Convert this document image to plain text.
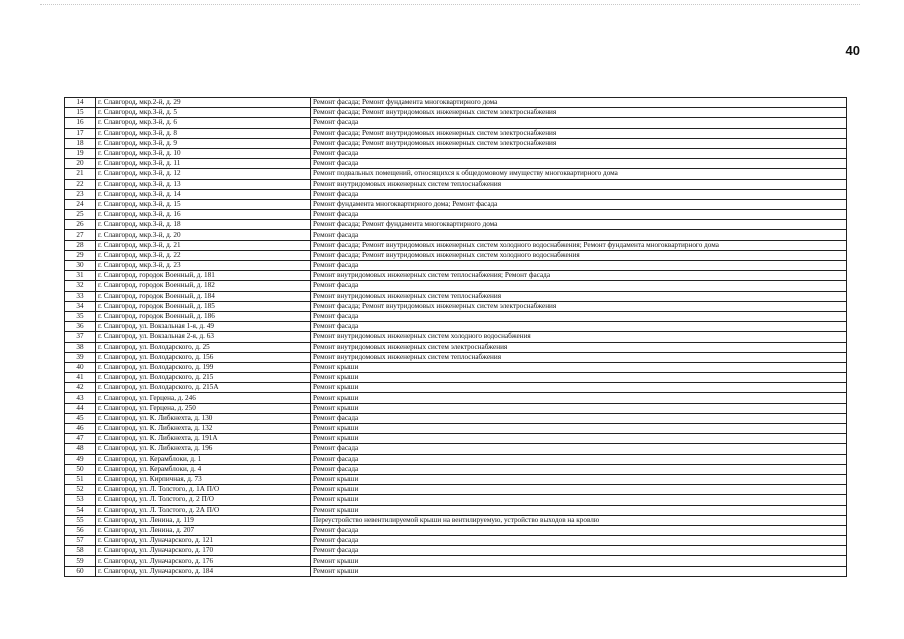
40
14	г. Славгород, мкр.2-й, д. 29	Ремонт фасада; Ремонт фундамента многоквартирного дома
15	г. Славгород, мкр.3-й, д. 5	Ремонт фасада; Ремонт внутридомовых инженерных систем электроснабжения
16	г. Славгород, мкр.3-й, д. 6	Ремонт фасада
17	г. Славгород, мкр.3-й, д. 8	Ремонт фасада; Ремонт внутридомовых инженерных систем электроснабжения
18	г. Славгород, мкр.3-й, д. 9	Ремонт фасада; Ремонт внутридомовых инженерных систем электроснабжения
19	г. Славгород, мкр.3-й, д. 10	Ремонт фасада
20	г. Славгород, мкр.3-й, д. 11	Ремонт фасада
21	г. Славгород, мкр.3-й, д. 12	Ремонт подвальных помещений, относящихся к общедомовому имуществу многоквартирного дома
22	г. Славгород, мкр.3-й, д. 13	Ремонт внутридомовых инженерных систем теплоснабжения
23	г. Славгород, мкр.3-й, д. 14	Ремонт фасада
24	г. Славгород, мкр.3-й, д. 15	Ремонт фундамента многоквартирного дома; Ремонт фасада
25	г. Славгород, мкр.3-й, д. 16	Ремонт фасада
26	г. Славгород, мкр.3-й, д. 18	Ремонт фасада; Ремонт фундамента многоквартирного дома
27	г. Славгород, мкр.3-й, д. 20	Ремонт фасада
28	г. Славгород, мкр.3-й, д. 21	Ремонт фасада; Ремонт внутридомовых инженерных систем холодного водоснабжения; Ремонт фундамента многоквартирного дома
29	г. Славгород, мкр.3-й, д. 22	Ремонт фасада; Ремонт внутридомовых инженерных систем холодного водоснабжения
30	г. Славгород, мкр.3-й, д. 23	Ремонт фасада
31	г. Славгород, городок Военный, д. 181	Ремонт внутридомовых инженерных систем теплоснабжения; Ремонт фасада
32	г. Славгород, городок Военный, д. 182	Ремонт фасада
33	г. Славгород, городок Военный, д. 184	Ремонт внутридомовых инженерных систем теплоснабжения
34	г. Славгород, городок Военный, д. 185	Ремонт фасада; Ремонт внутридомовых инженерных систем электроснабжения
35	г. Славгород, городок Военный, д. 186	Ремонт фасада
36	г. Славгород, ул. Вокзальная 1-я, д. 49	Ремонт фасада
37	г. Славгород, ул. Вокзальная 2-я, д. 63	Ремонт внутридомовых инженерных систем холодного водоснабжения
38	г. Славгород, ул. Володарского, д. 25	Ремонт внутридомовых инженерных систем электроснабжения
39	г. Славгород, ул. Володарского, д. 156	Ремонт внутридомовых инженерных систем теплоснабжения
40	г. Славгород, ул. Володарского, д. 199	Ремонт крыши
41	г. Славгород, ул. Володарского, д. 215	Ремонт крыши
42	г. Славгород, ул. Володарского, д. 215А	Ремонт крыши
43	г. Славгород, ул. Герцена, д. 246	Ремонт крыши
44	г. Славгород, ул. Герцена, д. 250	Ремонт крыши
45	г. Славгород, ул. К. Либкнехта, д. 130	Ремонт фасада
46	г. Славгород, ул. К. Либкнехта, д. 132	Ремонт крыши
47	г. Славгород, ул. К. Либкнехта, д. 191А	Ремонт крыши
48	г. Славгород, ул. К. Либкнехта, д. 196	Ремонт фасада
49	г. Славгород, ул. Керамблоки, д. 1	Ремонт фасада
50	г. Славгород, ул. Керамблоки, д. 4	Ремонт фасада
51	г. Славгород, ул. Кирпичная, д. 73	Ремонт крыши
52	г. Славгород, ул. Л. Толстого, д. 1А П/О	Ремонт крыши
53	г. Славгород, ул. Л. Толстого, д. 2 П/О	Ремонт крыши
54	г. Славгород, ул. Л. Толстого, д. 2А П/О	Ремонт крыши
55	г. Славгород, ул. Ленина, д. 119	Переустройство невентилируемой крыши на вентилируемую, устройство выходов на кровлю
56	г. Славгород, ул. Ленина, д. 207	Ремонт фасада
57	г. Славгород, ул. Луначарского, д. 121	Ремонт фасада
58	г. Славгород, ул. Луначарского, д. 170	Ремонт фасада
59	г. Славгород, ул. Луначарского, д. 176	Ремонт крыши
60	г. Славгород, ул. Луначарского, д. 184	Ремонт крыши
